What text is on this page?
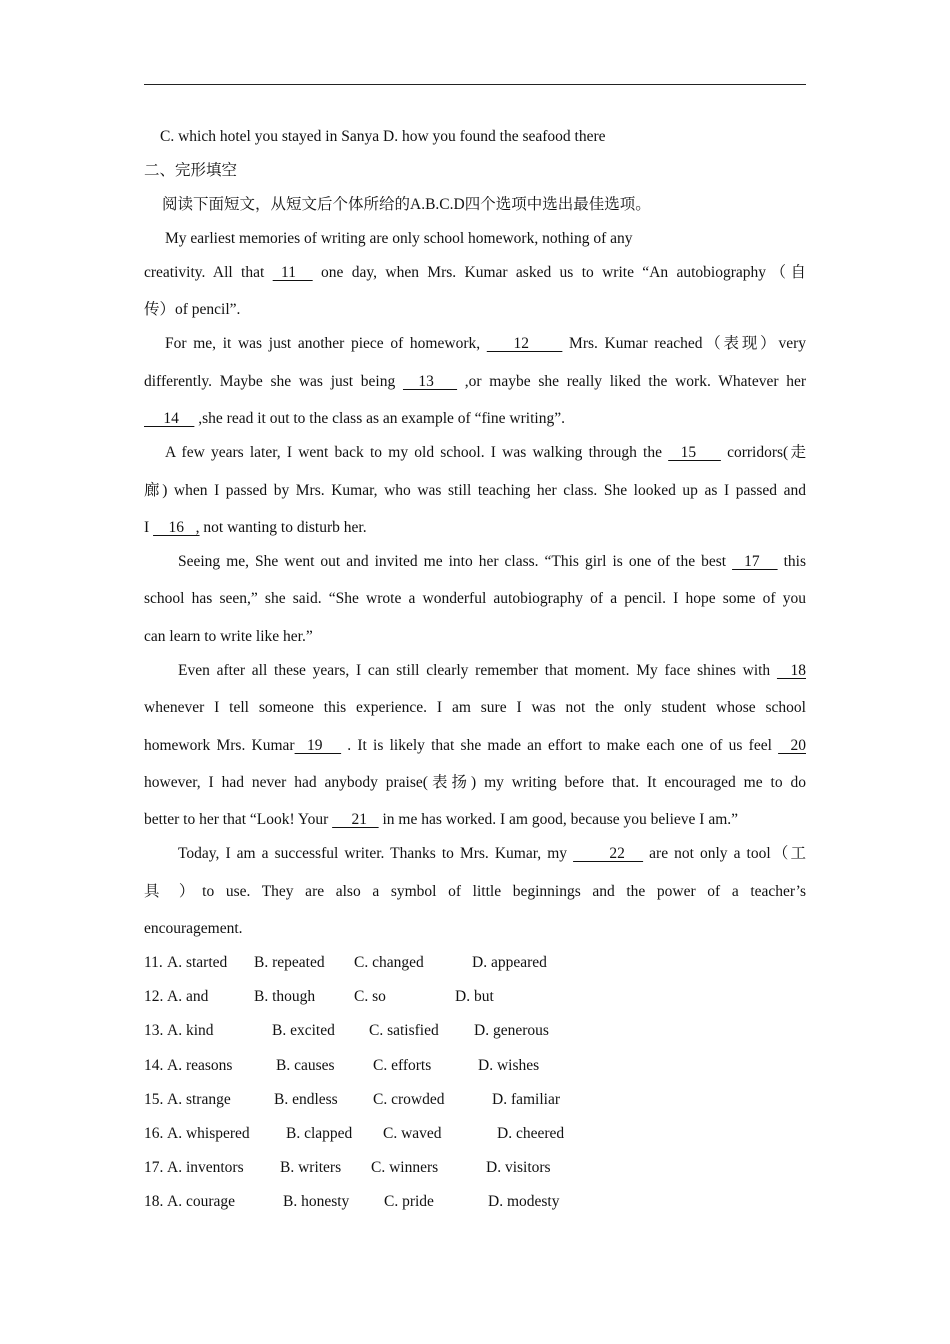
C. which hotel you stayed in Sanya D. how you found the seafood there
二、完形填空
阅读下面短文，从短文后个体所给的A.B.C.D四个选项中选出最佳选项。
My earliest memories of writing are only school homework, nothing of any
creativity. All that  11   one day, when Mrs. Kumar asked us to write “An autobiography（自
传）of pencil”.
For me, it was just another piece of homework,     12      Mrs. Kumar reached（表现）very
differently. Maybe she was just being   13    ,or maybe she really liked the work. Whatever her
14     ,she read it out to the class as an example of “fine writing”.
A few years later, I went back to my old school. I was walking through the   15     corridors(走
廊) when I passed by Mrs. Kumar, who was still teaching her class. She looked up as I passed and
I     16   , not wanting to disturb her.
Seeing me, She went out and invited me into her class. “This girl is one of the best   17    this
school has seen,” she said. “She wrote a wonderful autobiography of a pencil. I hope some of you
can learn to write like her.”
Even after all these years, I can still clearly remember that moment. My face shines with   18
whenever I tell someone this experience. I am sure I was not the only student whose school
homework Mrs. Kumar  19    . It is likely that she made an effort to make each one of us feel   20
however, I had never had anybody praise(表扬) my writing before that. It encouraged me to do
better to her that “Look! Your      21    in me has worked. I am good, because you believe I am.”
Today, I am a successful writer. Thanks to Mrs. Kumar, my       22    are not only a tool（工
具 ）to use. They are also a symbol of little beginnings and the power of a teacher’s
encouragement.
11. A. started B. repeated C. changed	D. appeared
12. A. and	B. though	C. so	D. but
13. A. kind	B. excited C. satisfied D. generous
14. A. reasons	B. causes C. efforts	D. wishes
15. A. strange	B. endless C. crowded	D. familiar
16. A. whispered B. clapped C. waved	D. cheered
17. A. inventors B. writers C. winners	D. visitors
18. A. courage	B. honesty C. pride	D. modesty
